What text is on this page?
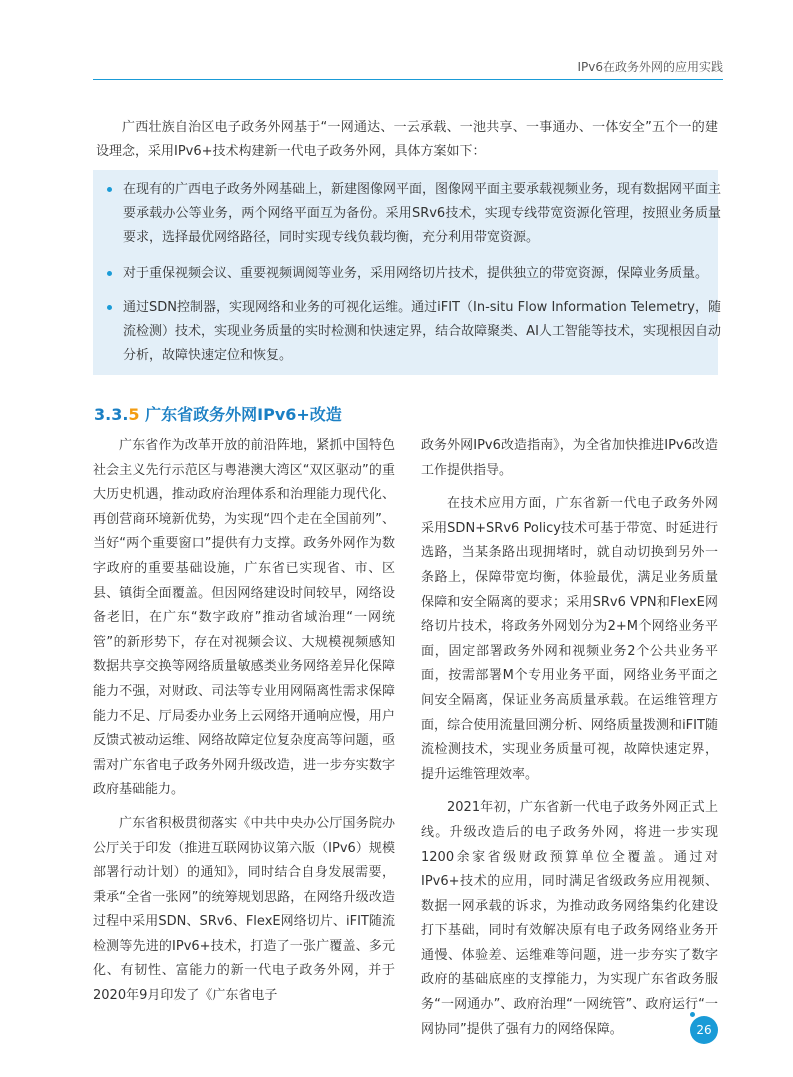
IPv6在政务外网的应用实践

广西壮族自治区电子政务外网基于“一网通达、一云承载、一池共享、一事通办、一体安全”五个一的建设理念，采用IPv6+技术构建新一代电子政务外网，具体方案如下：

在现有的广西电子政务外网基础上，新建图像网平面，图像网平面主要承载视频业务，现有数据网平面主要承载办公等业务，两个网络平面互为备份。采用SRv6技术，实现专线带宽资源化管理，按照业务质量要求，选择最优网络路径，同时实现专线负载均衡，充分利用带宽资源。
对于重保视频会议、重要视频调阅等业务，采用网络切片技术，提供独立的带宽资源，保障业务质量。
通过SDN控制器，实现网络和业务的可视化运维。通过iFIT（In-situ Flow Information Telemetry，随流检测）技术，实现业务质量的实时检测和快速定界，结合故障聚类、AI人工智能等技术，实现根因自动分析，故障快速定位和恢复。
3.3.5 广东省政务外网IPv6+改造

广东省作为改革开放的前沿阵地，紧抓中国特色社会主义先行示范区与粤港澳大湾区“双区驱动”的重大历史机遇，推动政府治理体系和治理能力现代化、再创营商环境新优势，为实现“四个走在全国前列”、当好“两个重要窗口”提供有力支撑。政务外网作为数字政府的重要基础设施，广东省已实现省、市、区县、镇街全面覆盖。但因网络建设时间较早，网络设备老旧，在广东“数字政府”推动省域治理“一网统管”的新形势下，存在对视频会议、大规模视频感知数据共享交换等网络质量敏感类业务网络差异化保障能力不强，对财政、司法等专业用网隔离性需求保障能力不足、厅局委办业务上云网络开通响应慢，用户反馈式被动运维、网络故障定位复杂度高等问题，亟需对广东省电子政务外网升级改造，进一步夯实数字政府基础能力。

广东省积极贯彻落实《中共中央办公厅国务院办公厅关于印发（推进互联网协议第六版（IPv6）规模部署行动计划）的通知》，同时结合自身发展需要，秉承“全省一张网”的统筹规划思路，在网络升级改造过程中采用SDN、SRv6、FlexE网络切片、iFIT随流检测等先进的IPv6+技术，打造了一张广覆盖、多元化、有韧性、富能力的新一代电子政务外网，并于2020年9月印发了《广东省电子

政务外网IPv6改造指南》，为全省加快推进IPv6改造工作提供指导。

在技术应用方面，广东省新一代电子政务外网采用SDN+SRv6 Policy技术可基于带宽、时延进行选路，当某条路出现拥堵时，就自动切换到另外一条路上，保障带宽均衡，体验最优，满足业务质量保障和安全隔离的要求；采用SRv6 VPN和FlexE网络切片技术，将政务外网划分为2+M个网络业务平面，固定部署政务外网和视频业务2个公共业务平面，按需部署M个专用业务平面，网络业务平面之间安全隔离，保证业务高质量承载。在运维管理方面，综合使用流量回溯分析、网络质量拨测和iFIT随流检测技术，实现业务质量可视，故障快速定界，提升运维管理效率。

2021年初，广东省新一代电子政务外网正式上线。升级改造后的电子政务外网，将进一步实现1200余家省级财政预算单位全覆盖。通过对IPv6+技术的应用，同时满足省级政务应用视频、数据一网承载的诉求，为推动政务网络集约化建设打下基础，同时有效解决原有电子政务网络业务开通慢、体验差、运维难等问题，进一步夯实了数字政府的基础底座的支撑能力，为实现广东省政务服务“一网通办”、政府治理“一网统管”、政府运行“一网协同”提供了强有力的网络保障。	26
